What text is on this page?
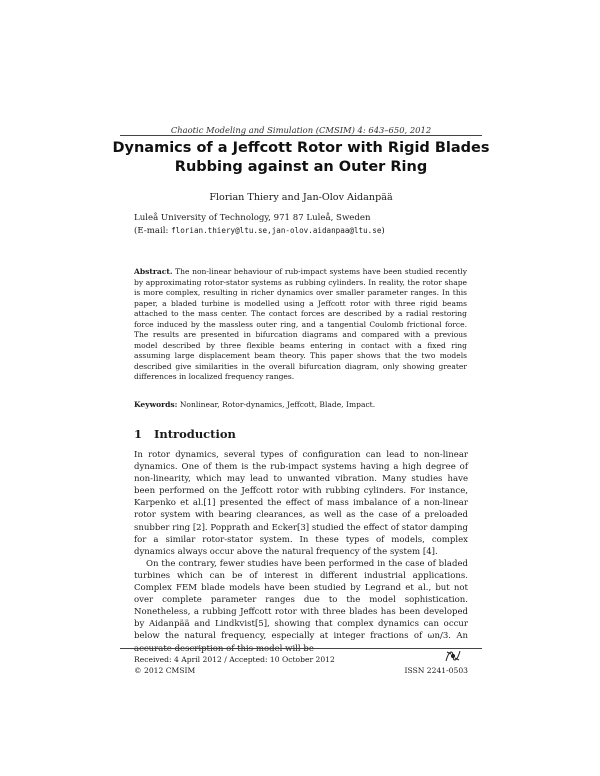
Chaotic Modeling and Simulation (CMSIM) 4: 643–650, 2012
Dynamics of a Jeffcott Rotor with Rigid Blades
Rubbing against an Outer Ring
Florian Thiery and Jan-Olov Aidanpää
Luleå University of Technology, 971 87 Luleå, Sweden
(E-mail: florian.thiery@ltu.se,jan-olov.aidanpaa@ltu.se)
Abstract. The non-linear behaviour of rub-impact systems have been studied recently by approximating rotor-stator systems as rubbing cylinders. In reality, the rotor shape is more complex, resulting in richer dynamics over smaller parameter ranges. In this paper, a bladed turbine is modelled using a Jeffcott rotor with three rigid beams attached to the mass center. The contact forces are described by a radial restoring force induced by the massless outer ring, and a tangential Coulomb frictional force. The results are presented in bifurcation diagrams and compared with a previous model described by three flexible beams entering in contact with a fixed ring assuming large displacement beam theory. This paper shows that the two models described give similarities in the overall bifurcation diagram, only showing greater differences in localized frequency ranges.
Keywords: Nonlinear, Rotor-dynamics, Jeffcott, Blade, Impact.
1 Introduction

In rotor dynamics, several types of configuration can lead to non-linear dynamics. One of them is the rub-impact systems having a high degree of non-linearity, which may lead to unwanted vibration. Many studies have been performed on the Jeffcott rotor with rubbing cylinders. For instance, Karpenko et al.[1] presented the effect of mass imbalance of a non-linear rotor system with bearing clearances, as well as the case of a preloaded snubber ring [2]. Popprath and Ecker[3] studied the effect of stator damping for a similar rotor-stator system. In these types of models, complex dynamics always occur above the natural frequency of the system [4].

On the contrary, fewer studies have been performed in the case of bladed turbines which can be of interest in different industrial applications. Complex FEM blade models have been studied by Legrand et al., but not over complete parameter ranges due to the model sophistication. Nonetheless, a rubbing Jeffcott rotor with three blades has been developed by Aidanpää and Lindkvist[5], showing that complex dynamics can occur below the natural frequency, especially at integer fractions of ωn/3. An accurate description of this model will be

Received: 4 April 2012 / Accepted: 10 October 2012
© 2012 CMSIM	ISSN 2241-0503
